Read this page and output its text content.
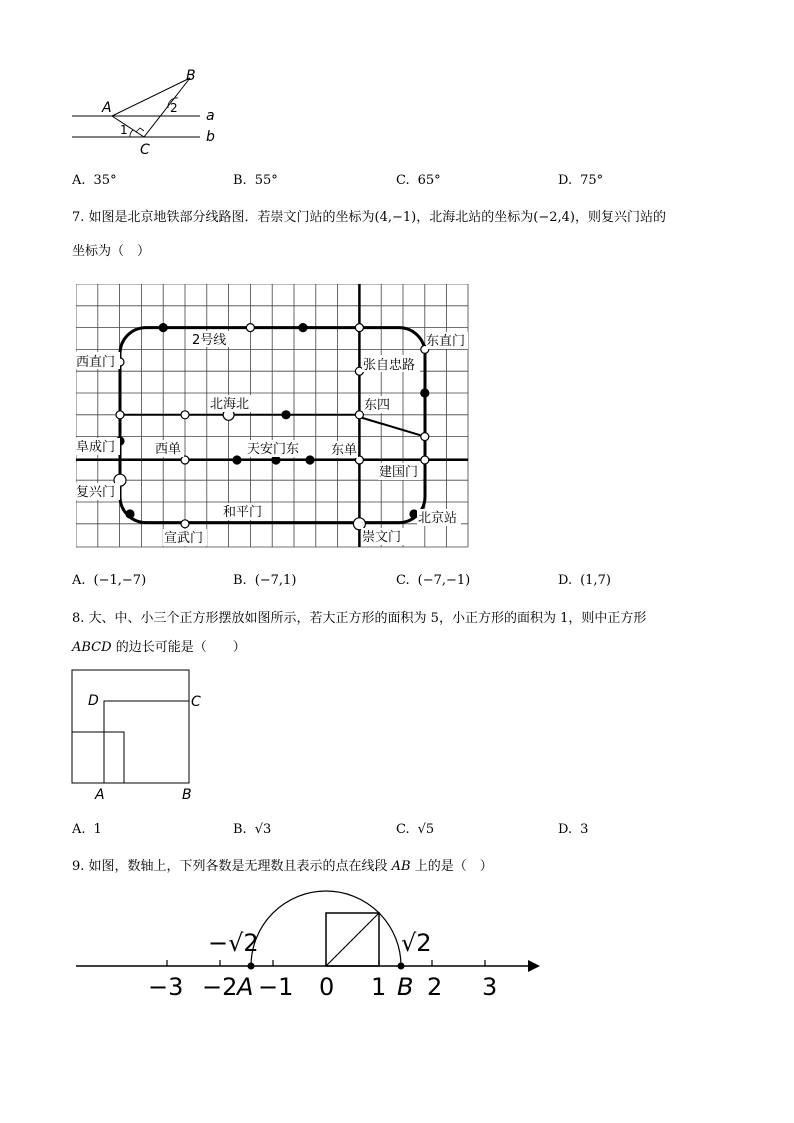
B
A
C
1
2 a
b
A. 35°	B. 55°	C. 65°	D. 75°
7. 如图是北京地铁部分线路图．若崇文门站的坐标为(4,−1)，北海北站的坐标为(−2,4)，则复兴门站的
坐标为（　）
2号线
西直门
东直门
张自忠路
北海北	东四
阜成门	西单	天安门东 东单
建国门
复兴门
和平门	北京站
宣武门	崇文门
A. (−1,−7)	B. (−7,1)	C. (−7,−1)	D. (1,7)
8. 大、中、小三个正方形摆放如图所示，若大正方形的面积为 5，小正方形的面积为 1，则中正方形
ABCD 的边长可能是（　　）
D	C
A	B
A. 1	B. √3	C. √5	D. 3
9. 如图，数轴上，下列各数是无理数且表示的点在线段 AB 上的是（　）
−3 −2 −1 0 1 2 3
A	B
−√2	√2
